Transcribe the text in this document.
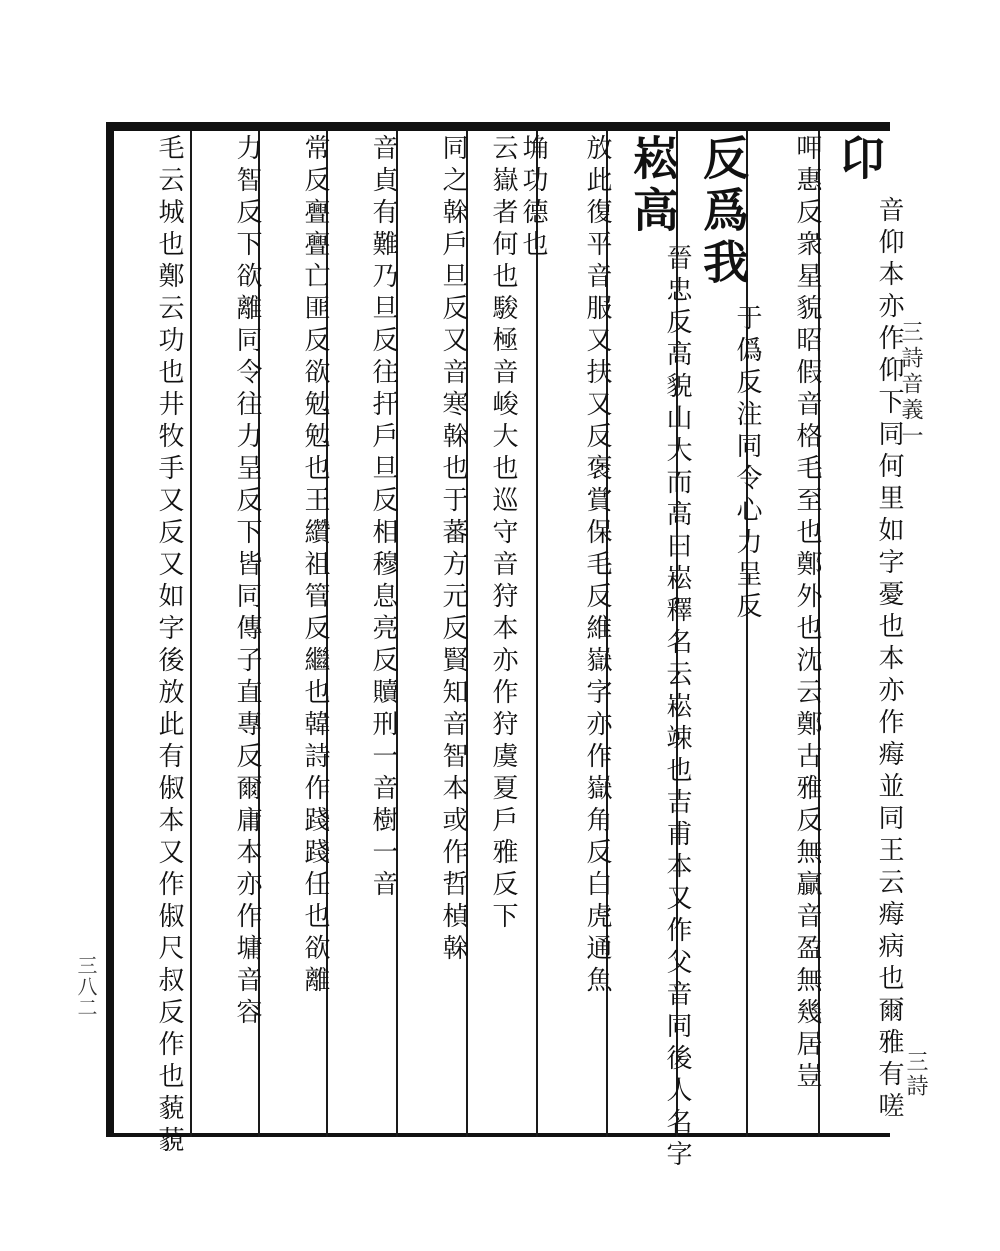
卬
音仰本亦作仰下同何里如字憂也本亦作痗並同王云痗病也爾雅有嗟
呷惠反衆星貌昭假音格毛至也鄭外也沈云鄭古雅反無贏音盈無幾居豈
反爲我
于僞反注同令心力呈反
崧高
晉忠反高貌山大而高曰崧釋名云崧竦也吉甫本又作父音同後人名字
放此復平音服又扶又反褒賞保毛反維嶽字亦作嶽角反白虎通魚
云嶽者何也駿極音峻大也巡守音狩本亦作狩虞夏戶雅反下 埆功德也
同之榦戶旦反又音寒榦也于蕃方元反賢知音智本或作哲楨榦
音貞有難乃旦反往扞戶旦反相穆息亮反贖刑一音樹一音
常反亹亹亡匪反欲勉勉也王纘祖管反繼也韓詩作踐踐任也欲離
力智反下欲離同令往力呈反下皆同傳子直專反爾庸本亦作墉音容
毛云城也鄭云功也井牧手又反又如字後放此有俶本又作俶尺叔反作也藐藐	三詩音義一
三詩
三八二
